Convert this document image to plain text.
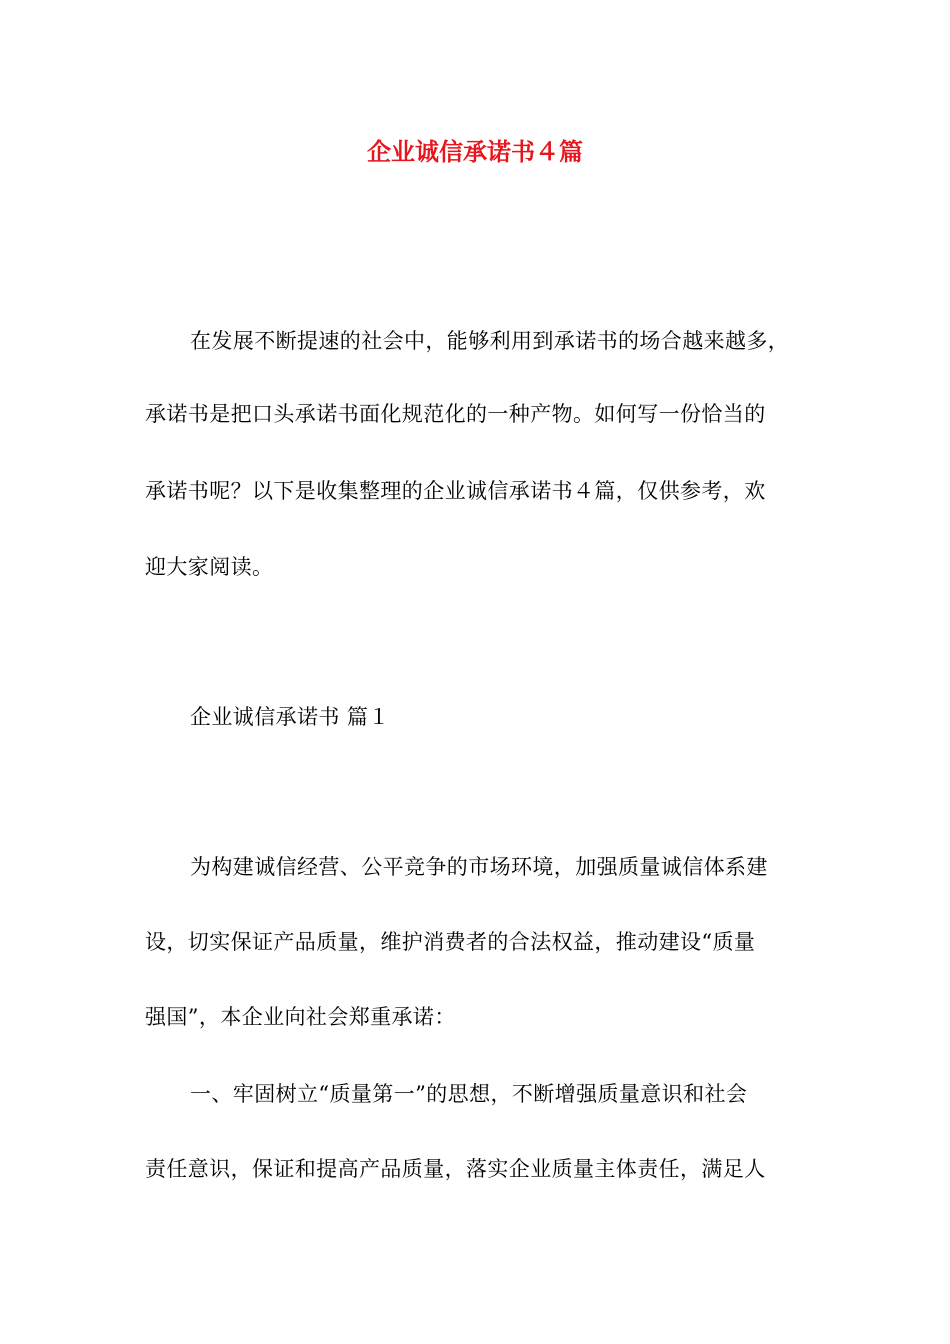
企业诚信承诺书４篇
在发展不断提速的社会中，能够利用到承诺书的场合越来越多，
承诺书是把口头承诺书面化规范化的一种产物。如何写一份恰当的
承诺书呢？以下是收集整理的企业诚信承诺书４篇，仅供参考，欢
迎大家阅读。
企业诚信承诺书 篇１
为构建诚信经营、公平竞争的市场环境，加强质量诚信体系建
设，切实保证产品质量，维护消费者的合法权益，推动建设“质量
强国”，本企业向社会郑重承诺：
一、牢固树立“质量第一”的思想，不断增强质量意识和社会
责任意识，保证和提高产品质量，落实企业质量主体责任，满足人
